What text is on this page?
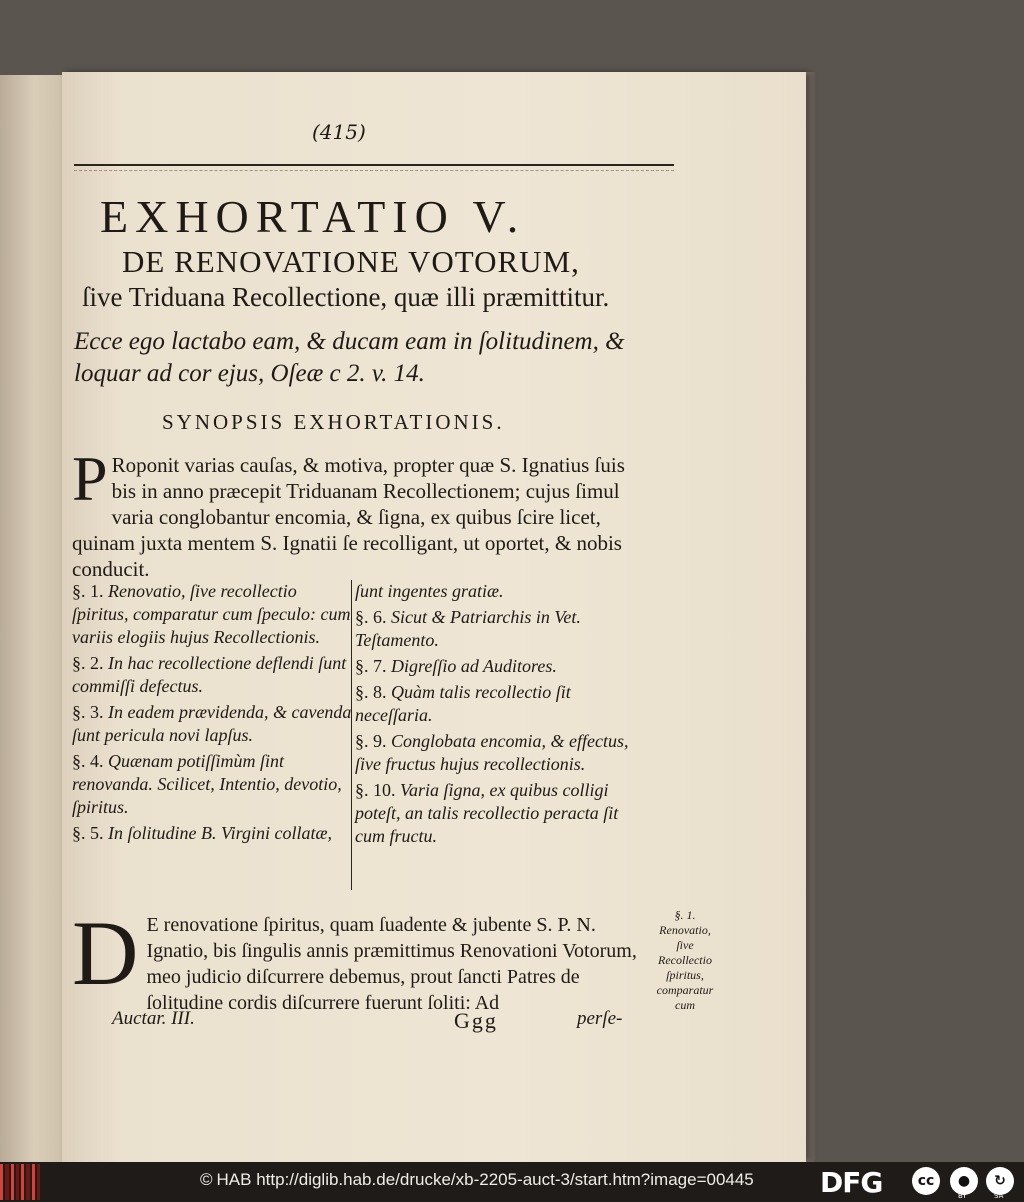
(415)
EXHORTATIO V.
DE RENOVATIONE VOTORUM,
ſive Triduana Recollectione, quæ illi præmittitur.
Ecce ego lactabo eam, & ducam eam in ſolitudinem, &
loquar ad cor ejus, Oſeæ c 2. v. 14.
SYNOPSIS EXHORTATIONIS.
P Roponit varias cauſas, & motiva, propter quæ S. Ignatius ſuis bis in anno præcepit Triduanam Recollectionem; cujus ſimul varia conglobantur encomia, & ſigna, ex quibus ſcire licet, quinam juxta mentem S. Ignatii ſe recolligant, ut oportet, & nobis conducit.
§. 1. Renovatio, ſive recollectio ſpiritus, comparatur cum ſpeculo: cum variis elogiis hujus Recollectionis.
§. 2. In hac recollectione deflendi ſunt commiſſi defectus.
§. 3. In eadem prævidenda, & cavenda ſunt pericula novi lapſus.
§. 4. Quænam potiſſimùm ſint renovanda. Scilicet, Intentio, devotio, ſpiritus.
§. 5. In ſolitudine B. Virgini collatæ,
ſunt ingentes gratiæ.
§. 6. Sicut & Patriarchis in Vet. Teſtamento.
§. 7. Digreſſio ad Auditores.
§. 8. Quàm talis recollectio ſit neceſſaria.
§. 9. Conglobata encomia, & effectus, ſive fructus hujus recollectionis.
§. 10. Varia ſigna, ex quibus colligi poteſt, an talis recollectio peracta ſit cum fructu.
D E renovatione ſpiritus, quam ſuadente & jubente S. P. N. Ignatio, bis ſingulis annis præmittimus Renovationi Votorum, meo judicio diſcurrere debemus, prout ſancti Patres de ſolitudine cordis diſcurrere fuerunt ſoliti: Ad
§. 1. Renovatio, ſive Recollectio ſpiritus, comparatur cum
Auctar. III.	Ggg	perſe-
© HAB http://diglib.hab.de/drucke/xb-2205-auct-3/start.htm?image=00445 DFG	cc	●	↻
BY	SA
